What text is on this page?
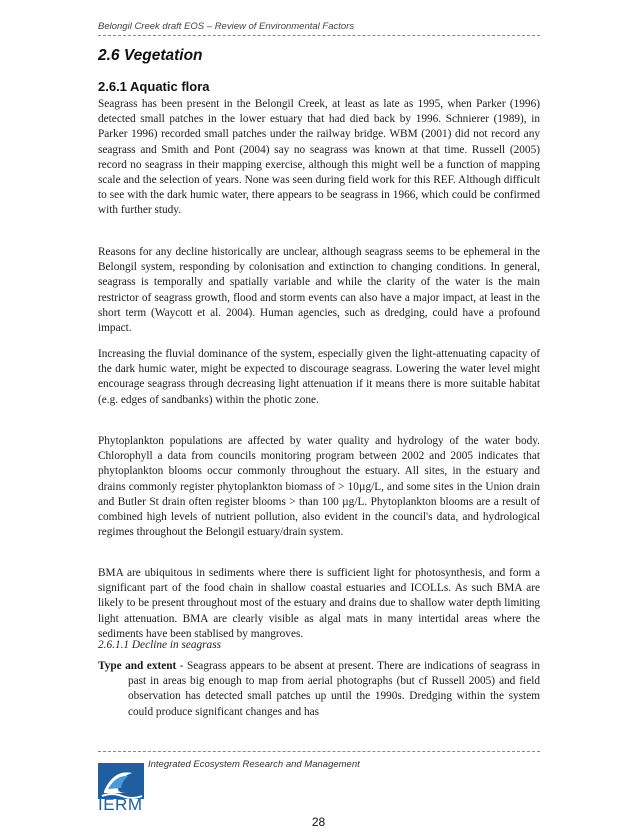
Belongil Creek draft EOS – Review of Environmental Factors
2.6 Vegetation
2.6.1 Aquatic flora

Seagrass has been present in the Belongil Creek, at least as late as 1995, when Parker (1996) detected small patches in the lower estuary that had died back by 1996. Schnierer (1989), in Parker 1996) recorded small patches under the railway bridge. WBM (2001) did not record any seagrass and Smith and Pont (2004) say no seagrass was known at that time. Russell (2005) record no seagrass in their mapping exercise, although this might well be a function of mapping scale and the selection of years. None was seen during field work for this REF. Although difficult to see with the dark humic water, there appears to be seagrass in 1966, which could be confirmed with further study.

Reasons for any decline historically are unclear, although seagrass seems to be ephemeral in the Belongil system, responding by colonisation and extinction to changing conditions. In general, seagrass is temporally and spatially variable and while the clarity of the water is the main restrictor of seagrass growth, flood and storm events can also have a major impact, at least in the short term (Waycott et al. 2004). Human agencies, such as dredging, could have a profound impact.

Increasing the fluvial dominance of the system, especially given the light-attenuating capacity of the dark humic water, might be expected to discourage seagrass. Lowering the water level might encourage seagrass through decreasing light attenuation if it means there is more suitable habitat (e.g. edges of sandbanks) within the photic zone.

Phytoplankton populations are affected by water quality and hydrology of the water body. Chlorophyll a data from councils monitoring program between 2002 and 2005 indicates that phytoplankton blooms occur commonly throughout the estuary. All sites, in the estuary and drains commonly register phytoplankton biomass of > 10µg/L, and some sites in the Union drain and Butler St drain often register blooms > than 100 µg/L. Phytoplankton blooms are a result of combined high levels of nutrient pollution, also evident in the council's data, and hydrological regimes throughout the Belongil estuary/drain system.

BMA are ubiquitous in sediments where there is sufficient light for photosynthesis, and form a significant part of the food chain in shallow coastal estuaries and ICOLLs. As such BMA are likely to be present throughout most of the estuary and drains due to shallow water depth limiting light attenuation. BMA are clearly visible as algal mats in many intertidal areas where the sediments have been stablised by mangroves.

2.6.1.1 Decline in seagrass

Type and extent - Seagrass appears to be absent at present. There are indications of seagrass in past in areas big enough to map from aerial photographs (but cf Russell 2005) and field observation has detected small patches up until the 1990s. Dredging within the system could produce significant changes and has

IERM
Integrated Ecosystem Research and Management
28
